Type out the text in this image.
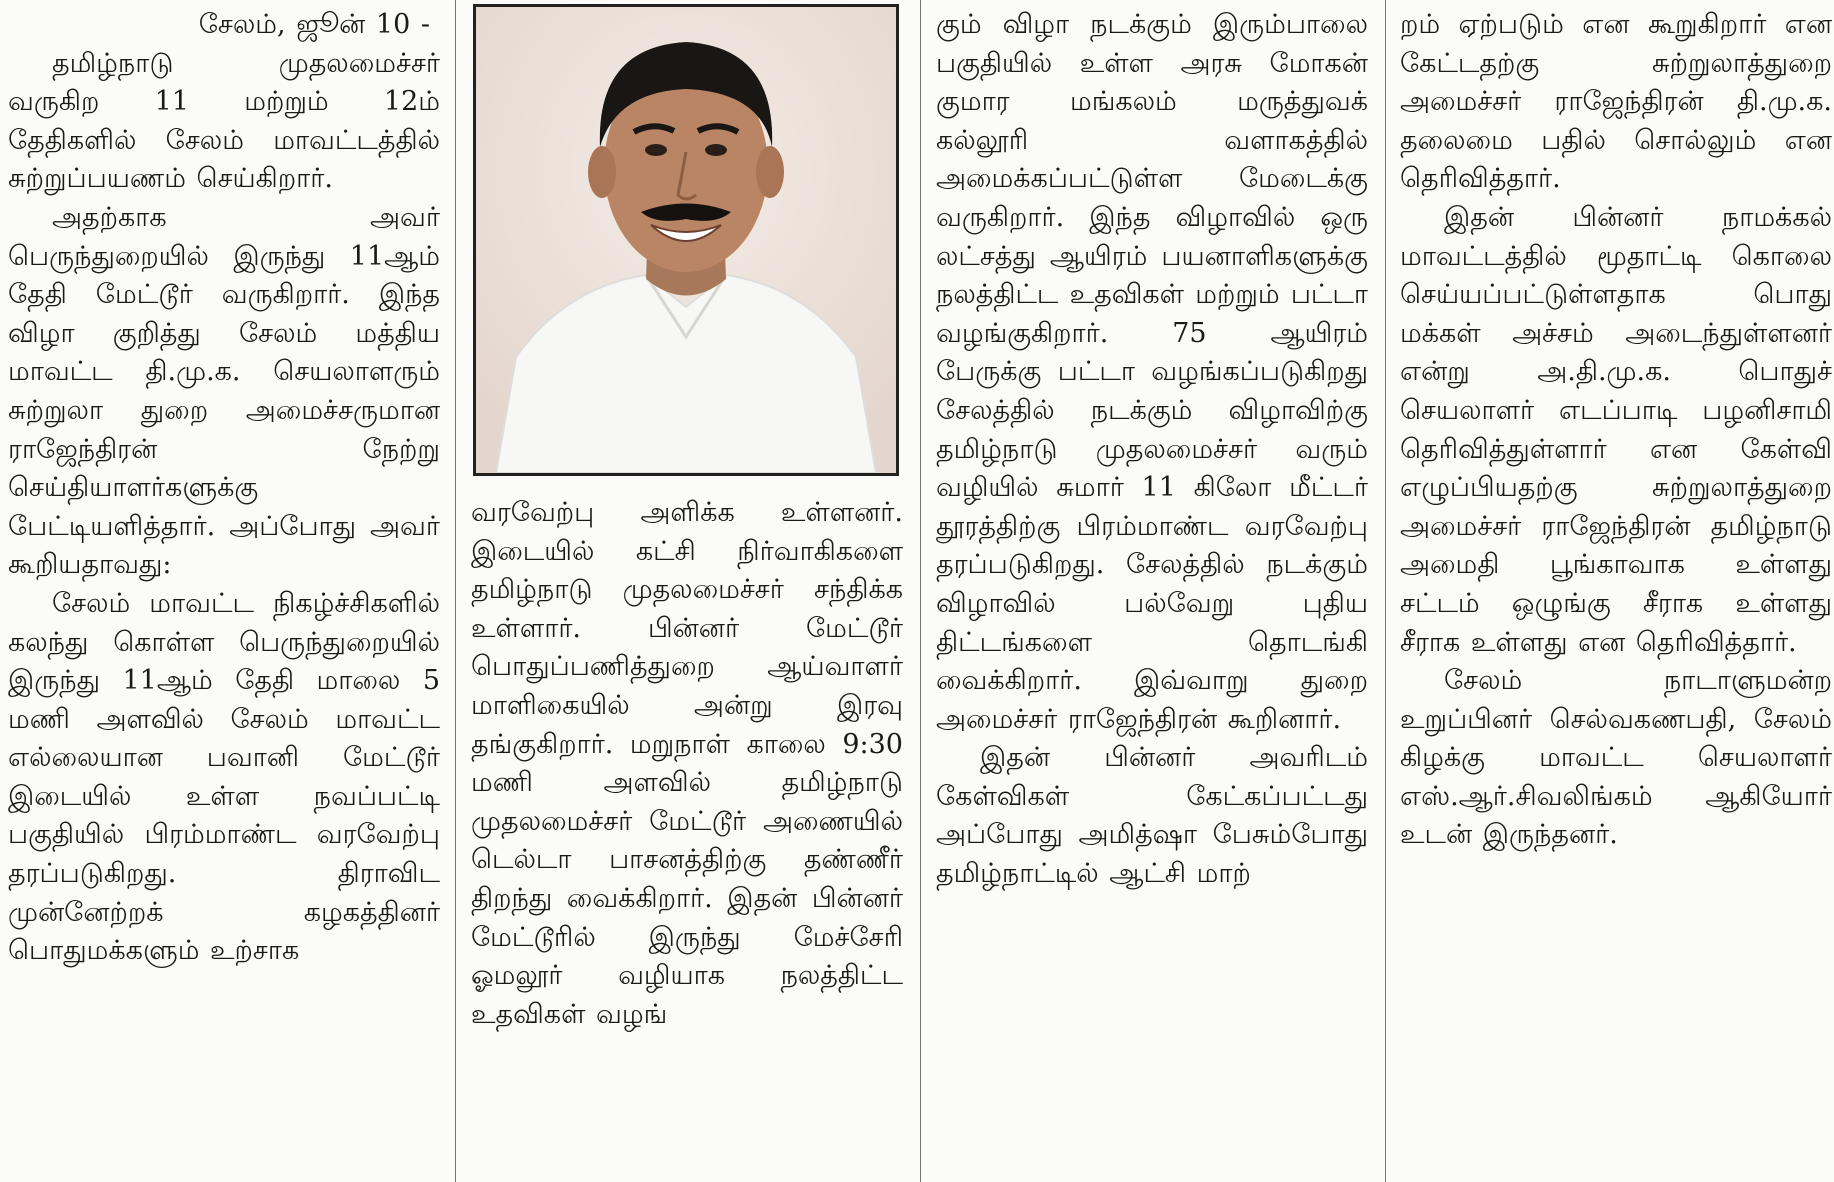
சேலம், ஜூன் 10 -

தமிழ்நாடு முதலமைச்சர் வருகிற 11 மற்றும் 12ம் தேதிகளில் சேலம் மாவட்டத்தில் சுற்றுப்பயணம் செய்கிறார்.

அதற்காக அவர் பெருந்துறையில் இருந்து 11ஆம் தேதி மேட்டூர் வருகிறார். இந்த விழா குறித்து சேலம் மத்திய மாவட்ட தி.மு.க. செயலாளரும் சுற்றுலா துறை அமைச்சருமான ராஜேந்திரன் நேற்று செய்தியாளர்களுக்கு பேட்டியளித்தார். அப்போது அவர் கூறியதாவது:

சேலம் மாவட்ட நிகழ்ச்சிகளில் கலந்து கொள்ள பெருந்துறையில் இருந்து 11ஆம் தேதி மாலை 5 மணி அளவில் சேலம் மாவட்ட எல்லையான பவானி மேட்டூர் இடையில் உள்ள நவப்பட்டி பகுதியில் பிரம்மாண்ட வரவேற்பு தரப்படுகிறது. திராவிட முன்னேற்றக் கழகத்தினர் பொதுமக்களும் உற்சாக

வரவேற்பு அளிக்க உள்ளனர். இடையில் கட்சி நிர்வாகிகளை தமிழ்நாடு முதலமைச்சர் சந்திக்க உள்ளார். பின்னர் மேட்டூர் பொதுப்பணித்துறை ஆய்வாளர் மாளிகையில் அன்று இரவு தங்குகிறார். மறுநாள் காலை 9:30 மணி அளவில் தமிழ்நாடு முதலமைச்சர் மேட்டூர் அணையில் டெல்டா பாசனத்திற்கு தண்ணீர் திறந்து வைக்கிறார். இதன் பின்னர் மேட்டூரில் இருந்து மேச்சேரி ஓமலூர் வழியாக நலத்திட்ட உதவிகள் வழங்

கும் விழா நடக்கும் இரும்பாலை பகுதியில் உள்ள அரசு மோகன் குமார மங்கலம் மருத்துவக் கல்லூரி வளாகத்தில் அமைக்கப்பட்டுள்ள மேடைக்கு வருகிறார். இந்த விழாவில் ஒரு லட்சத்து ஆயிரம் பயனாளிகளுக்கு நலத்திட்ட உதவிகள் மற்றும் பட்டா வழங்குகிறார். 75 ஆயிரம் பேருக்கு பட்டா வழங்கப்படுகிறது சேலத்தில் நடக்கும் விழாவிற்கு தமிழ்நாடு முதலமைச்சர் வரும் வழியில் சுமார் 11 கிலோ மீட்டர் தூரத்திற்கு பிரம்மாண்ட வரவேற்பு தரப்படுகிறது. சேலத்தில் நடக்கும் விழாவில் பல்வேறு புதிய திட்டங்களை தொடங்கி வைக்கிறார். இவ்வாறு துறை அமைச்சர் ராஜேந்திரன் கூறினார்.

இதன் பின்னர் அவரிடம் கேள்விகள் கேட்கப்பட்டது அப்போது அமித்ஷா பேசும்போது தமிழ்நாட்டில் ஆட்சி மாற்

றம் ஏற்படும் என கூறுகிறார் என கேட்டதற்கு சுற்றுலாத்துறை அமைச்சர் ராஜேந்திரன் தி.மு.க. தலைமை பதில் சொல்லும் என தெரிவித்தார்.

இதன் பின்னர் நாமக்கல் மாவட்டத்தில் மூதாட்டி கொலை செய்யப்பட்டுள்ளதாக பொது மக்கள் அச்சம் அடைந்துள்ளனர் என்று அ.தி.மு.க. பொதுச் செயலாளர் எடப்பாடி பழனிசாமி தெரிவித்துள்ளார் என கேள்வி எழுப்பியதற்கு சுற்றுலாத்துறை அமைச்சர் ராஜேந்திரன் தமிழ்நாடு அமைதி பூங்காவாக உள்ளது சட்டம் ஒழுங்கு சீராக உள்ளது சீராக உள்ளது என தெரிவித்தார்.

சேலம் நாடாளுமன்ற உறுப்பினர் செல்வகணபதி, சேலம் கிழக்கு மாவட்ட செயலாளர் எஸ்.ஆர்.சிவலிங்கம் ஆகியோர் உடன் இருந்தனர்.
